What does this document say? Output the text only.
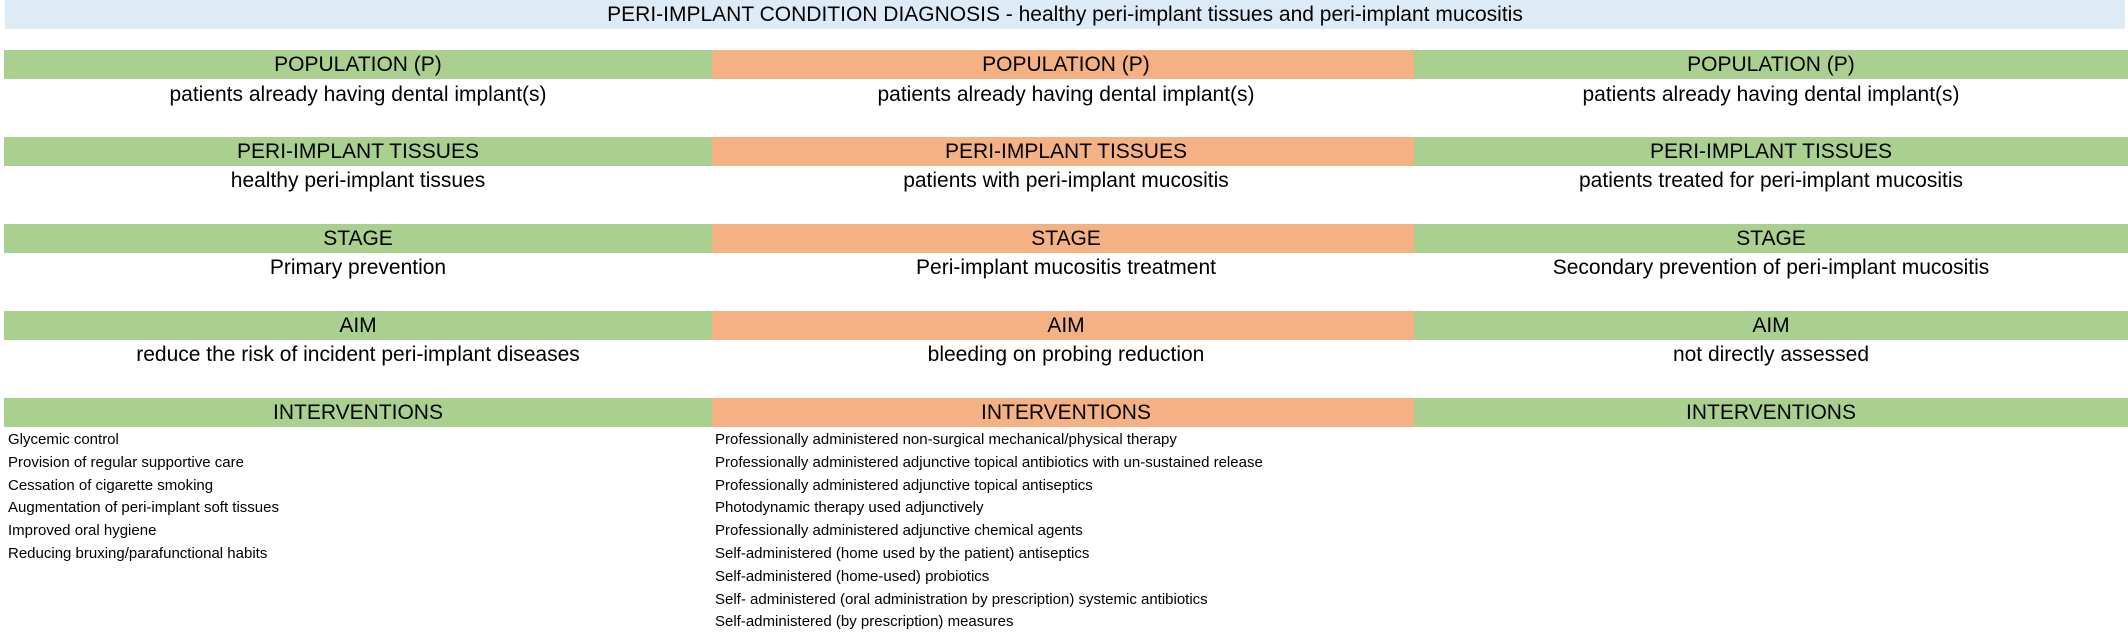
PERI-IMPLANT CONDITION DIAGNOSIS - healthy peri-implant tissues and peri-implant mucositis
POPULATION (P)
patients already having dental implant(s)
PERI-IMPLANT TISSUES
healthy peri-implant tissues
STAGE
Primary prevention
AIM
reduce the risk of incident peri-implant diseases
INTERVENTIONS
Glycemic control
Provision of regular supportive care
Cessation of cigarette smoking
Augmentation of peri-implant soft tissues
Improved oral hygiene
Reducing bruxing/parafunctional habits
POPULATION (P)
patients already having dental implant(s)
PERI-IMPLANT TISSUES
patients with peri-implant mucositis
STAGE
Peri-implant mucositis treatment
AIM
bleeding on probing reduction
INTERVENTIONS
Professionally administered non-surgical mechanical/physical therapy
Professionally administered adjunctive topical antibiotics with un-sustained release
Professionally administered adjunctive topical antiseptics
Photodynamic therapy used adjunctively
Professionally administered adjunctive chemical agents
Self-administered (home used by the patient) antiseptics
Self-administered (home-used) probiotics
Self- administered (oral administration by prescription) systemic antibiotics
Self-administered (by prescription) measures
POPULATION (P)
patients already having dental implant(s)
PERI-IMPLANT TISSUES
patients treated for peri-implant mucositis
STAGE
Secondary prevention of peri-implant mucositis
AIM
not directly assessed
INTERVENTIONS
